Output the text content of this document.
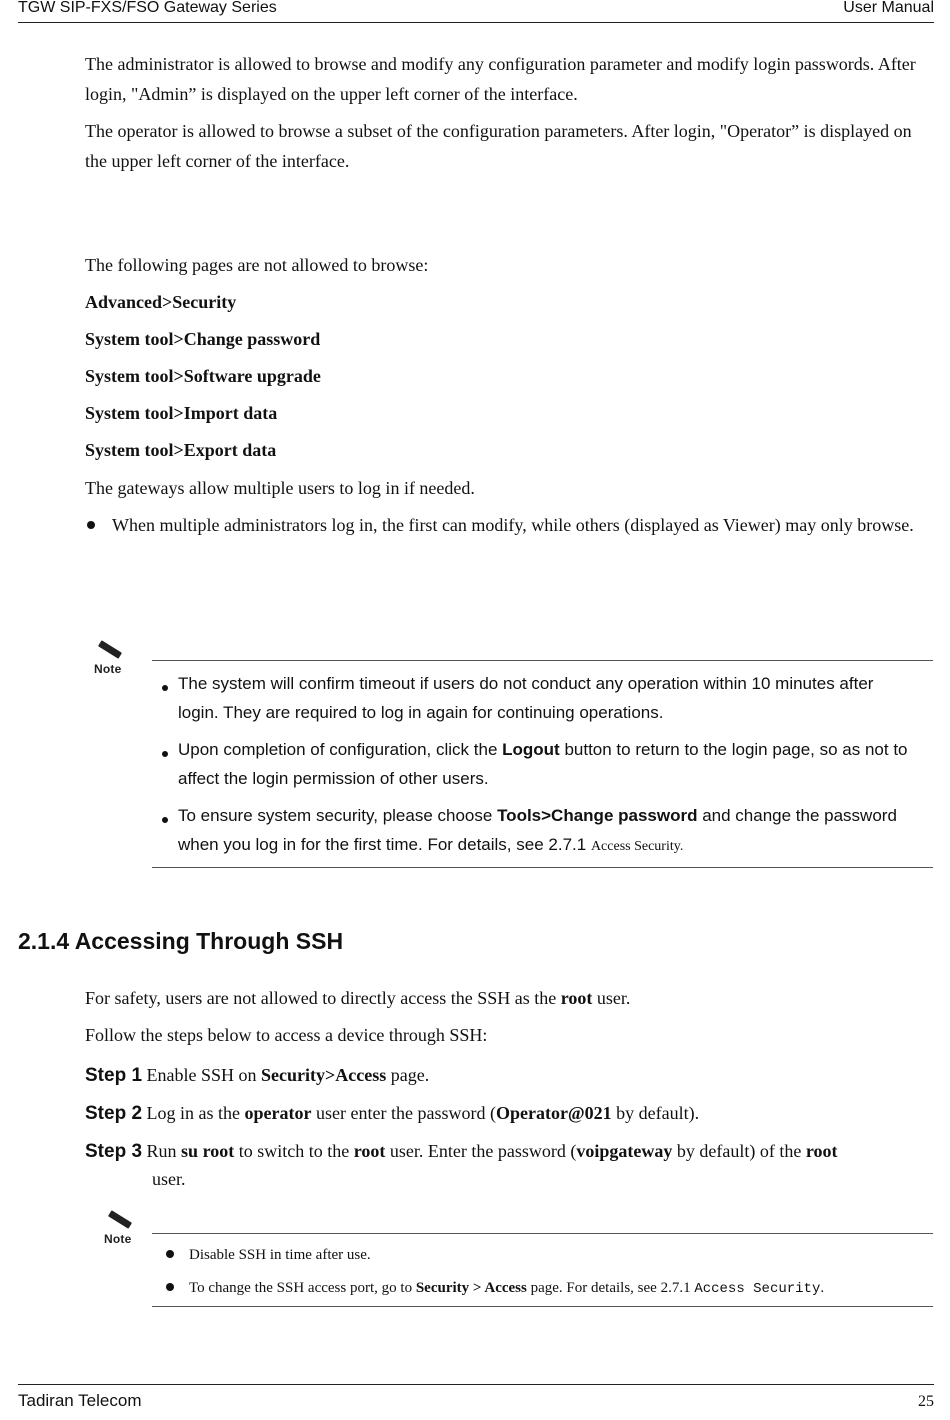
TGW SIP-FXS/FSO Gateway Series	User Manual
The administrator is allowed to browse and modify any configuration parameter and modify login passwords. After login, "Admin” is displayed on the upper left corner of the interface.
The operator is allowed to browse a subset of the configuration parameters. After login, "Operator” is displayed on the upper left corner of the interface.
The following pages are not allowed to browse:
Advanced>Security
System tool>Change password
System tool>Software upgrade
System tool>Import data
System tool>Export data
The gateways allow multiple users to log in if needed.
When multiple administrators log in, the first can modify, while others (displayed as Viewer) may only browse.
Note
The system will confirm timeout if users do not conduct any operation within 10 minutes after login. They are required to log in again for continuing operations.
Upon completion of configuration, click the Logout button to return to the login page, so as not to affect the login permission of other users.
To ensure system security, please choose Tools>Change password and change the password when you log in for the first time. For details, see 2.7.1 Access Security.
2.1.4 Accessing Through SSH
For safety, users are not allowed to directly access the SSH as the root user.
Follow the steps below to access a device through SSH:
Step 1 Enable SSH on Security>Access page.
Step 2 Log in as the operator user enter the password (Operator@021 by default).
Step 3 Run su root to switch to the root user. Enter the password (voipgateway by default) of the root
user.
Note
Disable SSH in time after use.
To change the SSH access port, go to Security > Access page. For details, see 2.7.1 Access Security.
Tadiran Telecom	25
